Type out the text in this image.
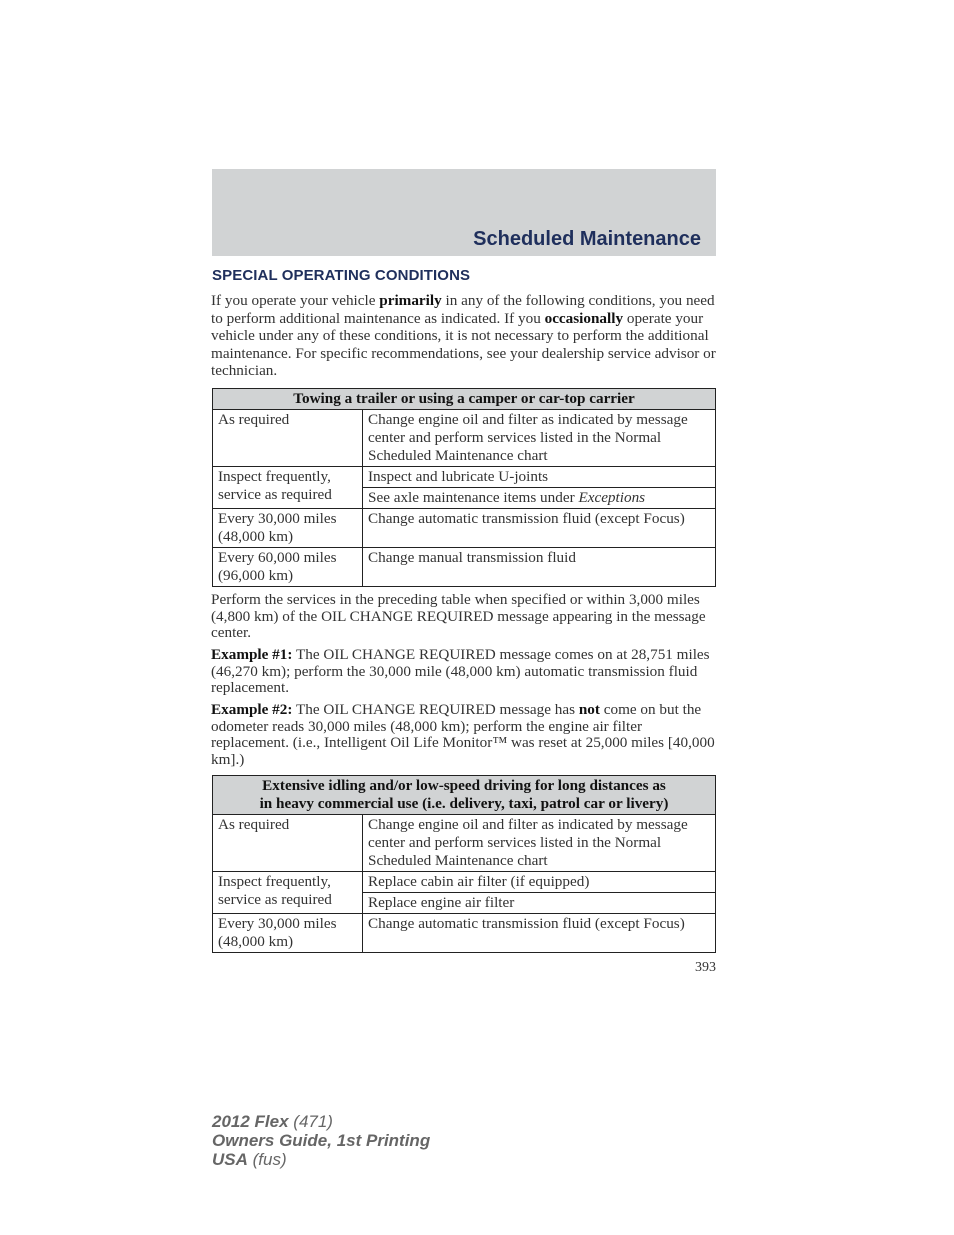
Scheduled Maintenance
SPECIAL OPERATING CONDITIONS
If you operate your vehicle primarily in any of the following conditions, you need to perform additional maintenance as indicated. If you occasionally operate your vehicle under any of these conditions, it is not necessary to perform the additional maintenance. For specific recommendations, see your dealership service advisor or technician.
Towing a trailer or using a camper or car-top carrier	
As required	Change engine oil and filter as indicated by message center and perform services listed in the Normal Scheduled Maintenance chart
Inspect frequently, service as required	Inspect and lubricate U-joints
	See axle maintenance items under Exceptions
Every 30,000 miles (48,000 km)	Change automatic transmission fluid (except Focus)
Every 60,000 miles (96,000 km)	Change manual transmission fluid
Perform the services in the preceding table when specified or within 3,000 miles (4,800 km) of the OIL CHANGE REQUIRED message appearing in the message center.
Example #1: The OIL CHANGE REQUIRED message comes on at 28,751 miles (46,270 km); perform the 30,000 mile (48,000 km) automatic transmission fluid replacement.
Example #2: The OIL CHANGE REQUIRED message has not come on but the odometer reads 30,000 miles (48,000 km); perform the engine air filter replacement. (i.e., Intelligent Oil Life Monitor™ was reset at 25,000 miles [40,000 km].)
Extensive idling and/or low-speed driving for long distances as
in heavy commercial use (i.e. delivery, taxi, patrol car or livery)	
As required	Change engine oil and filter as indicated by message center and perform services listed in the Normal Scheduled Maintenance chart
Inspect frequently, service as required	Replace cabin air filter (if equipped)
	Replace engine air filter
Every 30,000 miles (48,000 km)	Change automatic transmission fluid (except Focus)
393
2012 Flex (471)
Owners Guide, 1st Printing
USA (fus)
